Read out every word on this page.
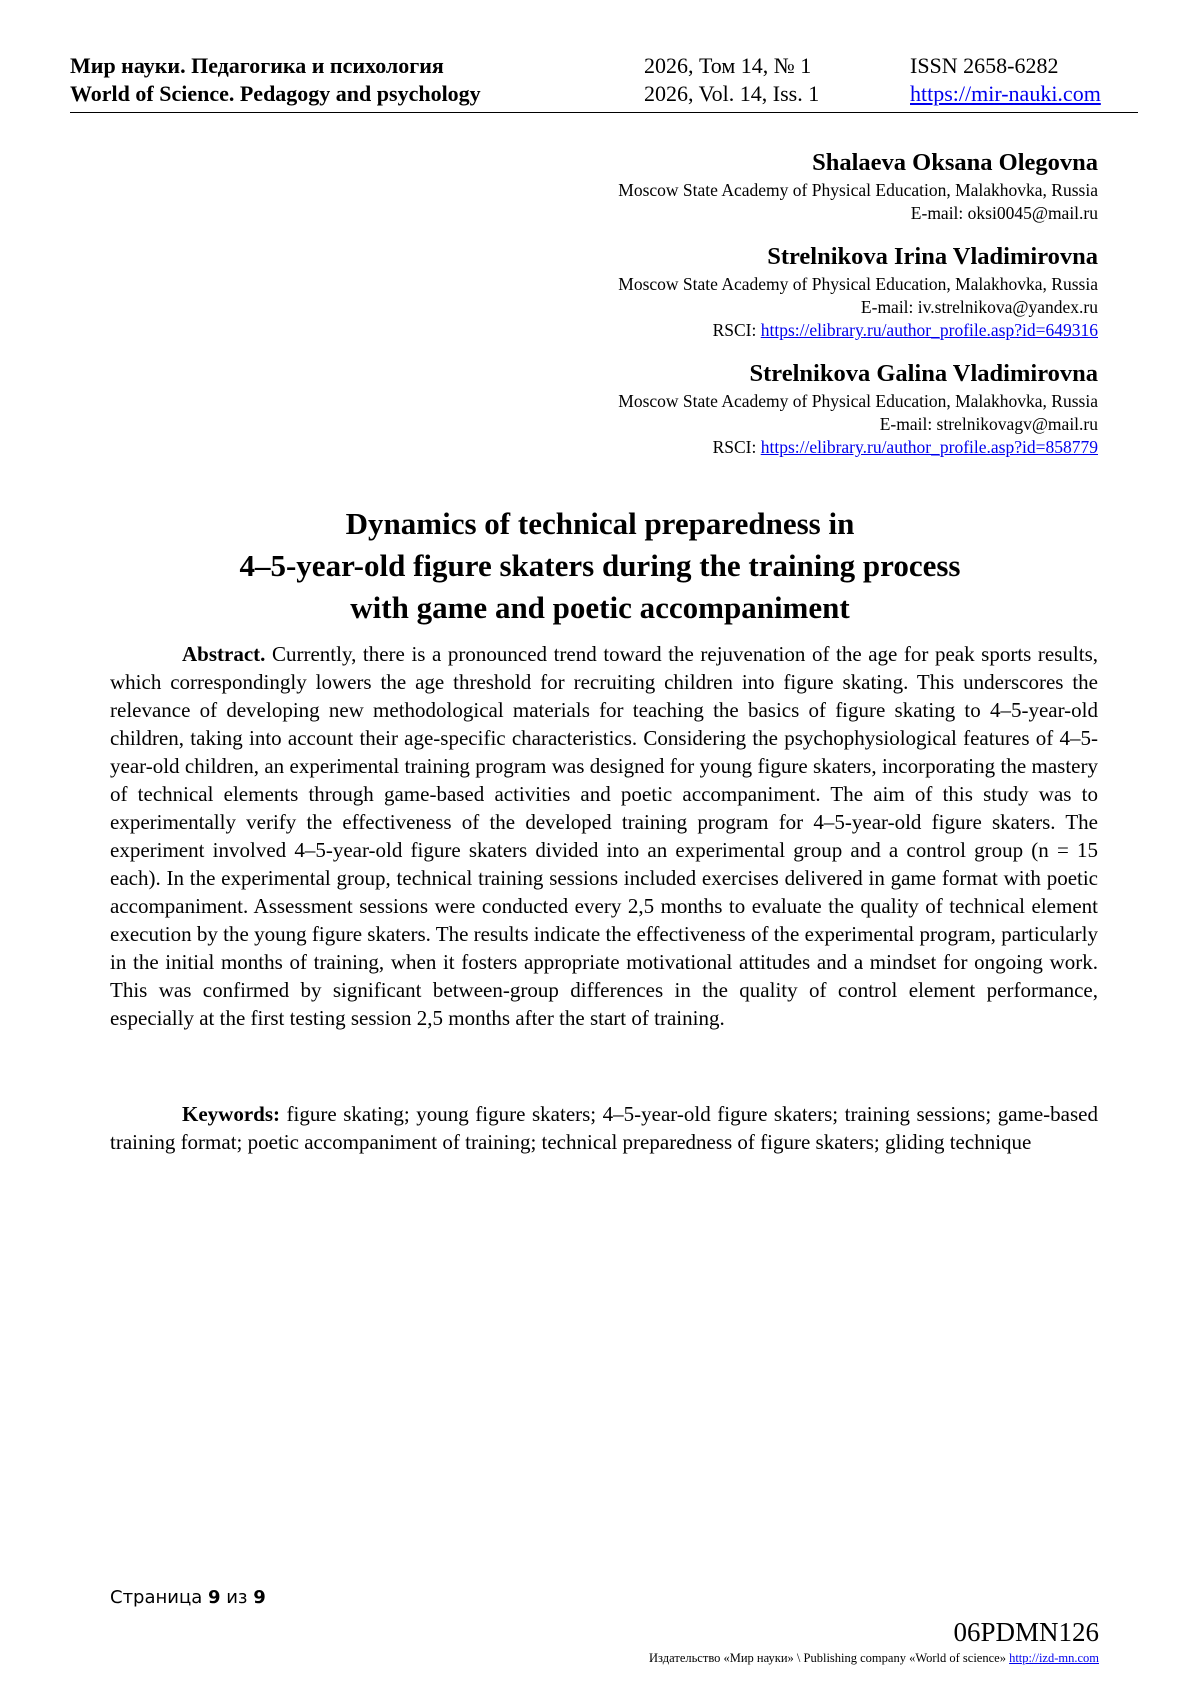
Мир науки. Педагогика и психология	2026, Том 14, № 1	ISSN 2658-6282
World of Science. Pedagogy and psychology	2026, Vol. 14, Iss. 1	https://mir-nauki.com
Shalaeva Oksana Olegovna
Moscow State Academy of Physical Education, Malakhovka, Russia
E-mail: oksi0045@mail.ru
Strelnikova Irina Vladimirovna
Moscow State Academy of Physical Education, Malakhovka, Russia
E-mail: iv.strelnikova@yandex.ru
RSCI: https://elibrary.ru/author_profile.asp?id=649316
Strelnikova Galina Vladimirovna
Moscow State Academy of Physical Education, Malakhovka, Russia
E-mail: strelnikovagv@mail.ru
RSCI: https://elibrary.ru/author_profile.asp?id=858779
Dynamics of technical preparedness in
4–5-year-old figure skaters during the training process
with game and poetic accompaniment
Abstract. Currently, there is a pronounced trend toward the rejuvenation of the age for peak sports results, which correspondingly lowers the age threshold for recruiting children into figure skating. This underscores the relevance of developing new methodological materials for teaching the basics of figure skating to 4–5-year-old children, taking into account their age-specific characteristics. Considering the psychophysiological features of 4–5-year-old children, an experimental training program was designed for young figure skaters, incorporating the mastery of technical elements through game-based activities and poetic accompaniment. The aim of this study was to experimentally verify the effectiveness of the developed training program for 4–5-year-old figure skaters. The experiment involved 4–5-year-old figure skaters divided into an experimental group and a control group (n = 15 each). In the experimental group, technical training sessions included exercises delivered in game format with poetic accompaniment. Assessment sessions were conducted every 2,5 months to evaluate the quality of technical element execution by the young figure skaters. The results indicate the effectiveness of the experimental program, particularly in the initial months of training, when it fosters appropriate motivational attitudes and a mindset for ongoing work. This was confirmed by significant between-group differences in the quality of control element performance, especially at the first testing session 2,5 months after the start of training.
Keywords: figure skating; young figure skaters; 4–5-year-old figure skaters; training sessions; game-based training format; poetic accompaniment of training; technical preparedness of figure skaters; gliding technique
Страница 9 из 9
06PDMN126
Издательство «Мир науки» \ Publishing company «World of science» http://izd-mn.com
